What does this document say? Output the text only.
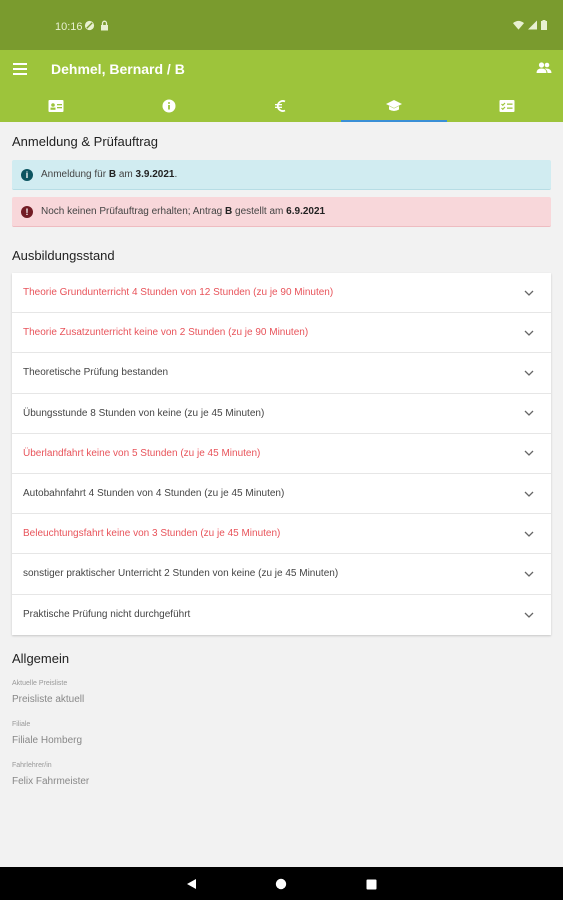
10:16
Dehmel, Bernard / B
Anmeldung & Prüfauftrag
i	Anmeldung für B am 3.9.2021.
!	Noch keinen Prüfauftrag erhalten; Antrag B gestellt am 6.9.2021
Ausbildungsstand
Theorie Grundunterricht 4 Stunden von 12 Stunden (zu je 90 Minuten)
Theorie Zusatzunterricht keine von 2 Stunden (zu je 90 Minuten)
Theoretische Prüfung bestanden
Übungsstunde 8 Stunden von keine (zu je 45 Minuten)
Überlandfahrt keine von 5 Stunden (zu je 45 Minuten)
Autobahnfahrt 4 Stunden von 4 Stunden (zu je 45 Minuten)
Beleuchtungsfahrt keine von 3 Stunden (zu je 45 Minuten)
sonstiger praktischer Unterricht 2 Stunden von keine (zu je 45 Minuten)
Praktische Prüfung nicht durchgeführt
Allgemein
Aktuelle Preisliste
Preisliste aktuell
Filiale
Filiale Homberg
Fahrlehrer/in
Felix Fahrmeister
